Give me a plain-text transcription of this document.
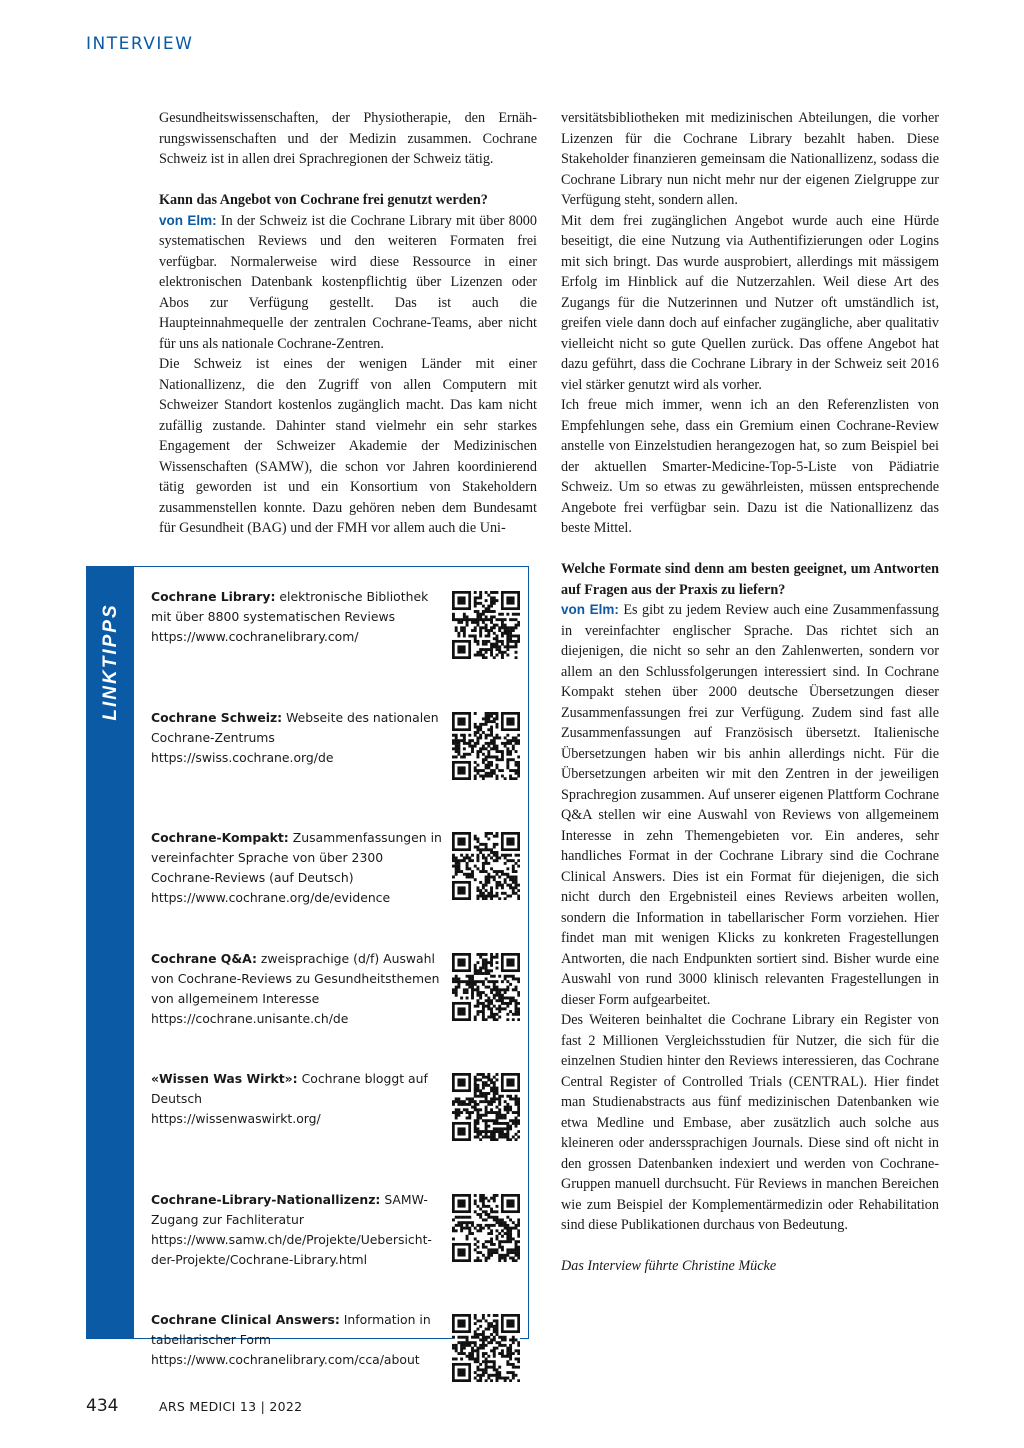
INTERVIEW

Gesundheitswissenschaften, der Physiotherapie, den Ernährungswissenschaften und der Medizin zusammen. Cochrane Schweiz ist in allen drei Sprachregionen der Schweiz tätig.

Kann das Angebot von Cochrane frei genutzt werden?

von Elm: In der Schweiz ist die Cochrane Library mit über 8000 systematischen Reviews und den weiteren Formaten frei verfügbar. Normalerweise wird diese Ressource in einer elektronischen Datenbank kostenpflichtig über Lizenzen oder Abos zur Verfügung gestellt. Das ist auch die Haupteinnahmequelle der zentralen Cochrane-Teams, aber nicht für uns als nationale Cochrane-Zentren.

Die Schweiz ist eines der wenigen Länder mit einer Nationallizenz, die den Zugriff von allen Computern mit Schweizer Standort kostenlos zugänglich macht. Das kam nicht zufällig zustande. Dahinter stand vielmehr ein sehr starkes Engagement der Schweizer Akademie der Medizinischen Wissenschaften (SAMW), die schon vor Jahren koordinierend tätig geworden ist und ein Konsortium von Stakeholdern zusammenstellen konnte. Dazu gehören neben dem Bundesamt für Gesundheit (BAG) und der FMH vor allem auch die Uni-

versitätsbibliotheken mit medizinischen Abteilungen, die vorher Lizenzen für die Cochrane Library bezahlt haben. Diese Stakeholder finanzieren gemeinsam die Nationallizenz, sodass die Cochrane Library nun nicht mehr nur der eigenen Zielgruppe zur Verfügung steht, sondern allen.

Mit dem frei zugänglichen Angebot wurde auch eine Hürde beseitigt, die eine Nutzung via Authentifizierungen oder Logins mit sich bringt. Das wurde ausprobiert, allerdings mit mässigem Erfolg im Hinblick auf die Nutzerzahlen. Weil diese Art des Zugangs für die Nutzerinnen und Nutzer oft umständlich ist, greifen viele dann doch auf einfacher zugängliche, aber qualitativ vielleicht nicht so gute Quellen zurück. Das offene Angebot hat dazu geführt, dass die Cochrane Library in der Schweiz seit 2016 viel stärker genutzt wird als vorher.

Ich freue mich immer, wenn ich an den Referenzlisten von Empfehlungen sehe, dass ein Gremium einen Cochrane-Review anstelle von Einzelstudien herangezogen hat, so zum Beispiel bei der aktuellen Smarter-Medicine-Top-5-Liste von Pädiatrie Schweiz. Um so etwas zu gewährleisten, müssen entsprechende Angebote frei verfügbar sein. Dazu ist die Nationallizenz das beste Mittel.

Welche Formate sind denn am besten geeignet, um Antworten auf Fragen aus der Praxis zu liefern?

von Elm: Es gibt zu jedem Review auch eine Zusammenfassung in vereinfachter englischer Sprache. Das richtet sich an diejenigen, die nicht so sehr an den Zahlenwerten, sondern vor allem an den Schlussfolgerungen interessiert sind. In Cochrane Kompakt stehen über 2000 deutsche Übersetzungen dieser Zusammenfassungen frei zur Verfügung. Zudem sind fast alle Zusammenfassungen auf Französisch übersetzt. Italienische Übersetzungen haben wir bis anhin allerdings nicht. Für die Übersetzungen arbeiten wir mit den Zentren in der jeweiligen Sprachregion zusammen. Auf unserer eigenen Plattform Cochrane Q&A stellen wir eine Auswahl von Reviews von allgemeinem Interesse in zehn Themengebieten vor. Ein anderes, sehr handliches Format in der Cochrane Library sind die Cochrane Clinical Answers. Dies ist ein Format für diejenigen, die sich nicht durch den Ergebnisteil eines Reviews arbeiten wollen, sondern die Information in tabellarischer Form vorziehen. Hier findet man mit wenigen Klicks zu konkreten Fragestellungen Antworten, die nach Endpunkten sortiert sind. Bisher wurde eine Auswahl von rund 3000 klinisch relevanten Fragestellungen in dieser Form aufgearbeitet.

Des Weiteren beinhaltet die Cochrane Library ein Register von fast 2 Millionen Vergleichsstudien für Nutzer, die sich für die einzelnen Studien hinter den Reviews interessieren, das Cochrane Central Register of Controlled Trials (CENTRAL). Hier findet man Studienabstracts aus fünf medizinischen Datenbanken wie etwa Medline und Embase, aber zusätzlich auch solche aus kleineren oder anderssprachigen Journals. Diese sind oft nicht in den grossen Datenbanken indexiert und werden von Cochrane-Gruppen manuell durchsucht. Für Reviews in manchen Bereichen wie zum Beispiel der Komplementärmedizin oder Rehabilitation sind diese Publikationen durchaus von Bedeutung.

Das Interview führte Christine Mücke

LINKTIPPS
Cochrane Library: elektronische Bibliothek mit über 8800 systematischen Reviews
https://www.cochranelibrary.com/
Cochrane Schweiz: Webseite des nationalen Cochrane-Zentrums
https://swiss.cochrane.org/de
Cochrane-Kompakt: Zusammenfassungen in vereinfachter Sprache von über 2300 Cochrane-Reviews (auf Deutsch)
https://www.cochrane.org/de/evidence
Cochrane Q&A: zweisprachige (d/f) Auswahl von Cochrane-Reviews zu Gesundheitsthemen von allgemeinem Interesse
https://cochrane.unisante.ch/de
«Wissen Was Wirkt»: Cochrane bloggt auf Deutsch
https://wissenwaswirkt.org/
Cochrane-Library-Nationallizenz: SAMW- Zugang zur Fachliteratur
https://www.samw.ch/de/Projekte/Uebersicht-der-Projekte/Cochrane-Library.html
Cochrane Clinical Answers: Information in tabellarischer Form
https://www.cochranelibrary.com/cca/about
434	ARS MEDICI 13 | 2022
